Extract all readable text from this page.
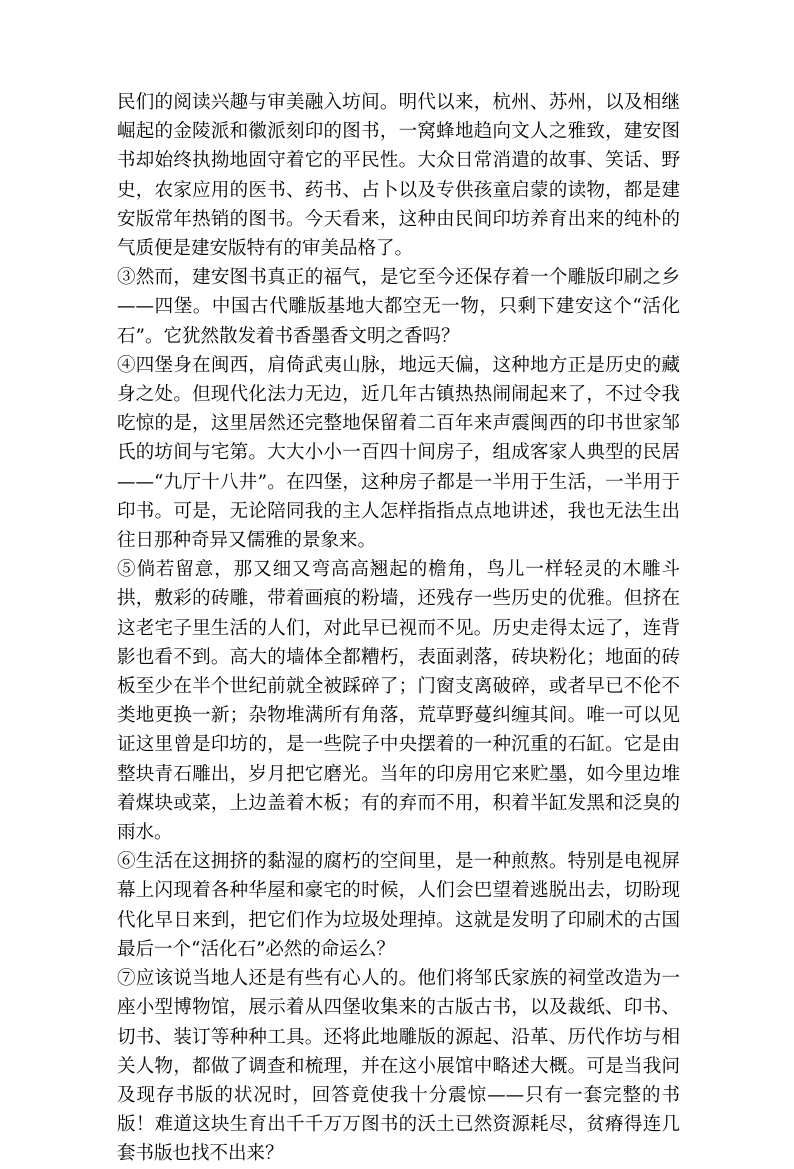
民们的阅读兴趣与审美融入坊间。明代以来，杭州、苏州，以及相继崛起的金陵派和徽派刻印的图书，一窝蜂地趋向文人之雅致，建安图书却始终执拗地固守着它的平民性。大众日常消遣的故事、笑话、野史，农家应用的医书、药书、占卜以及专供孩童启蒙的读物，都是建安版常年热销的图书。今天看来，这种由民间印坊养育出来的纯朴的气质便是建安版特有的审美品格了。

③然而，建安图书真正的福气，是它至今还保存着一个雕版印刷之乡——四堡。中国古代雕版基地大都空无一物，只剩下建安这个“活化石”。它犹然散发着书香墨香文明之香吗？

④四堡身在闽西，肩倚武夷山脉，地远天偏，这种地方正是历史的藏身之处。但现代化法力无边，近几年古镇热热闹闹起来了，不过令我吃惊的是，这里居然还完整地保留着二百年来声震闽西的印书世家邹氏的坊间与宅第。大大小小一百四十间房子，组成客家人典型的民居——“九厅十八井”。在四堡，这种房子都是一半用于生活，一半用于印书。可是，无论陪同我的主人怎样指指点点地讲述，我也无法生出往日那种奇异又儒雅的景象来。

⑤倘若留意，那又细又弯高高翘起的檐角，鸟儿一样轻灵的木雕斗拱，敷彩的砖雕，带着画痕的粉墙，还残存一些历史的优雅。但挤在这老宅子里生活的人们，对此早已视而不见。历史走得太远了，连背影也看不到。高大的墙体全都糟朽，表面剥落，砖块粉化；地面的砖板至少在半个世纪前就全被踩碎了；门窗支离破碎，或者早已不伦不类地更换一新；杂物堆满所有角落，荒草野蔓纠缠其间。唯一可以见证这里曾是印坊的，是一些院子中央摆着的一种沉重的石缸。它是由整块青石雕出，岁月把它磨光。当年的印房用它来贮墨，如今里边堆着煤块或菜，上边盖着木板；有的弃而不用，积着半缸发黑和泛臭的雨水。

⑥生活在这拥挤的黏湿的腐朽的空间里，是一种煎熬。特别是电视屏幕上闪现着各种华屋和豪宅的时候，人们会巴望着逃脱出去，切盼现代化早日来到，把它们作为垃圾处理掉。这就是发明了印刷术的古国最后一个“活化石”必然的命运么？

⑦应该说当地人还是有些有心人的。他们将邹氏家族的祠堂改造为一座小型博物馆，展示着从四堡收集来的古版古书，以及裁纸、印书、切书、装订等种种工具。还将此地雕版的源起、沿革、历代作坊与相关人物，都做了调查和梳理，并在这小展馆中略述大概。可是当我问及现存书版的状况时，回答竟使我十分震惊——只有一套完整的书版！难道这块生育出千千万万图书的沃土已然资源耗尽，贫瘠得连几套书版也找不出来？
